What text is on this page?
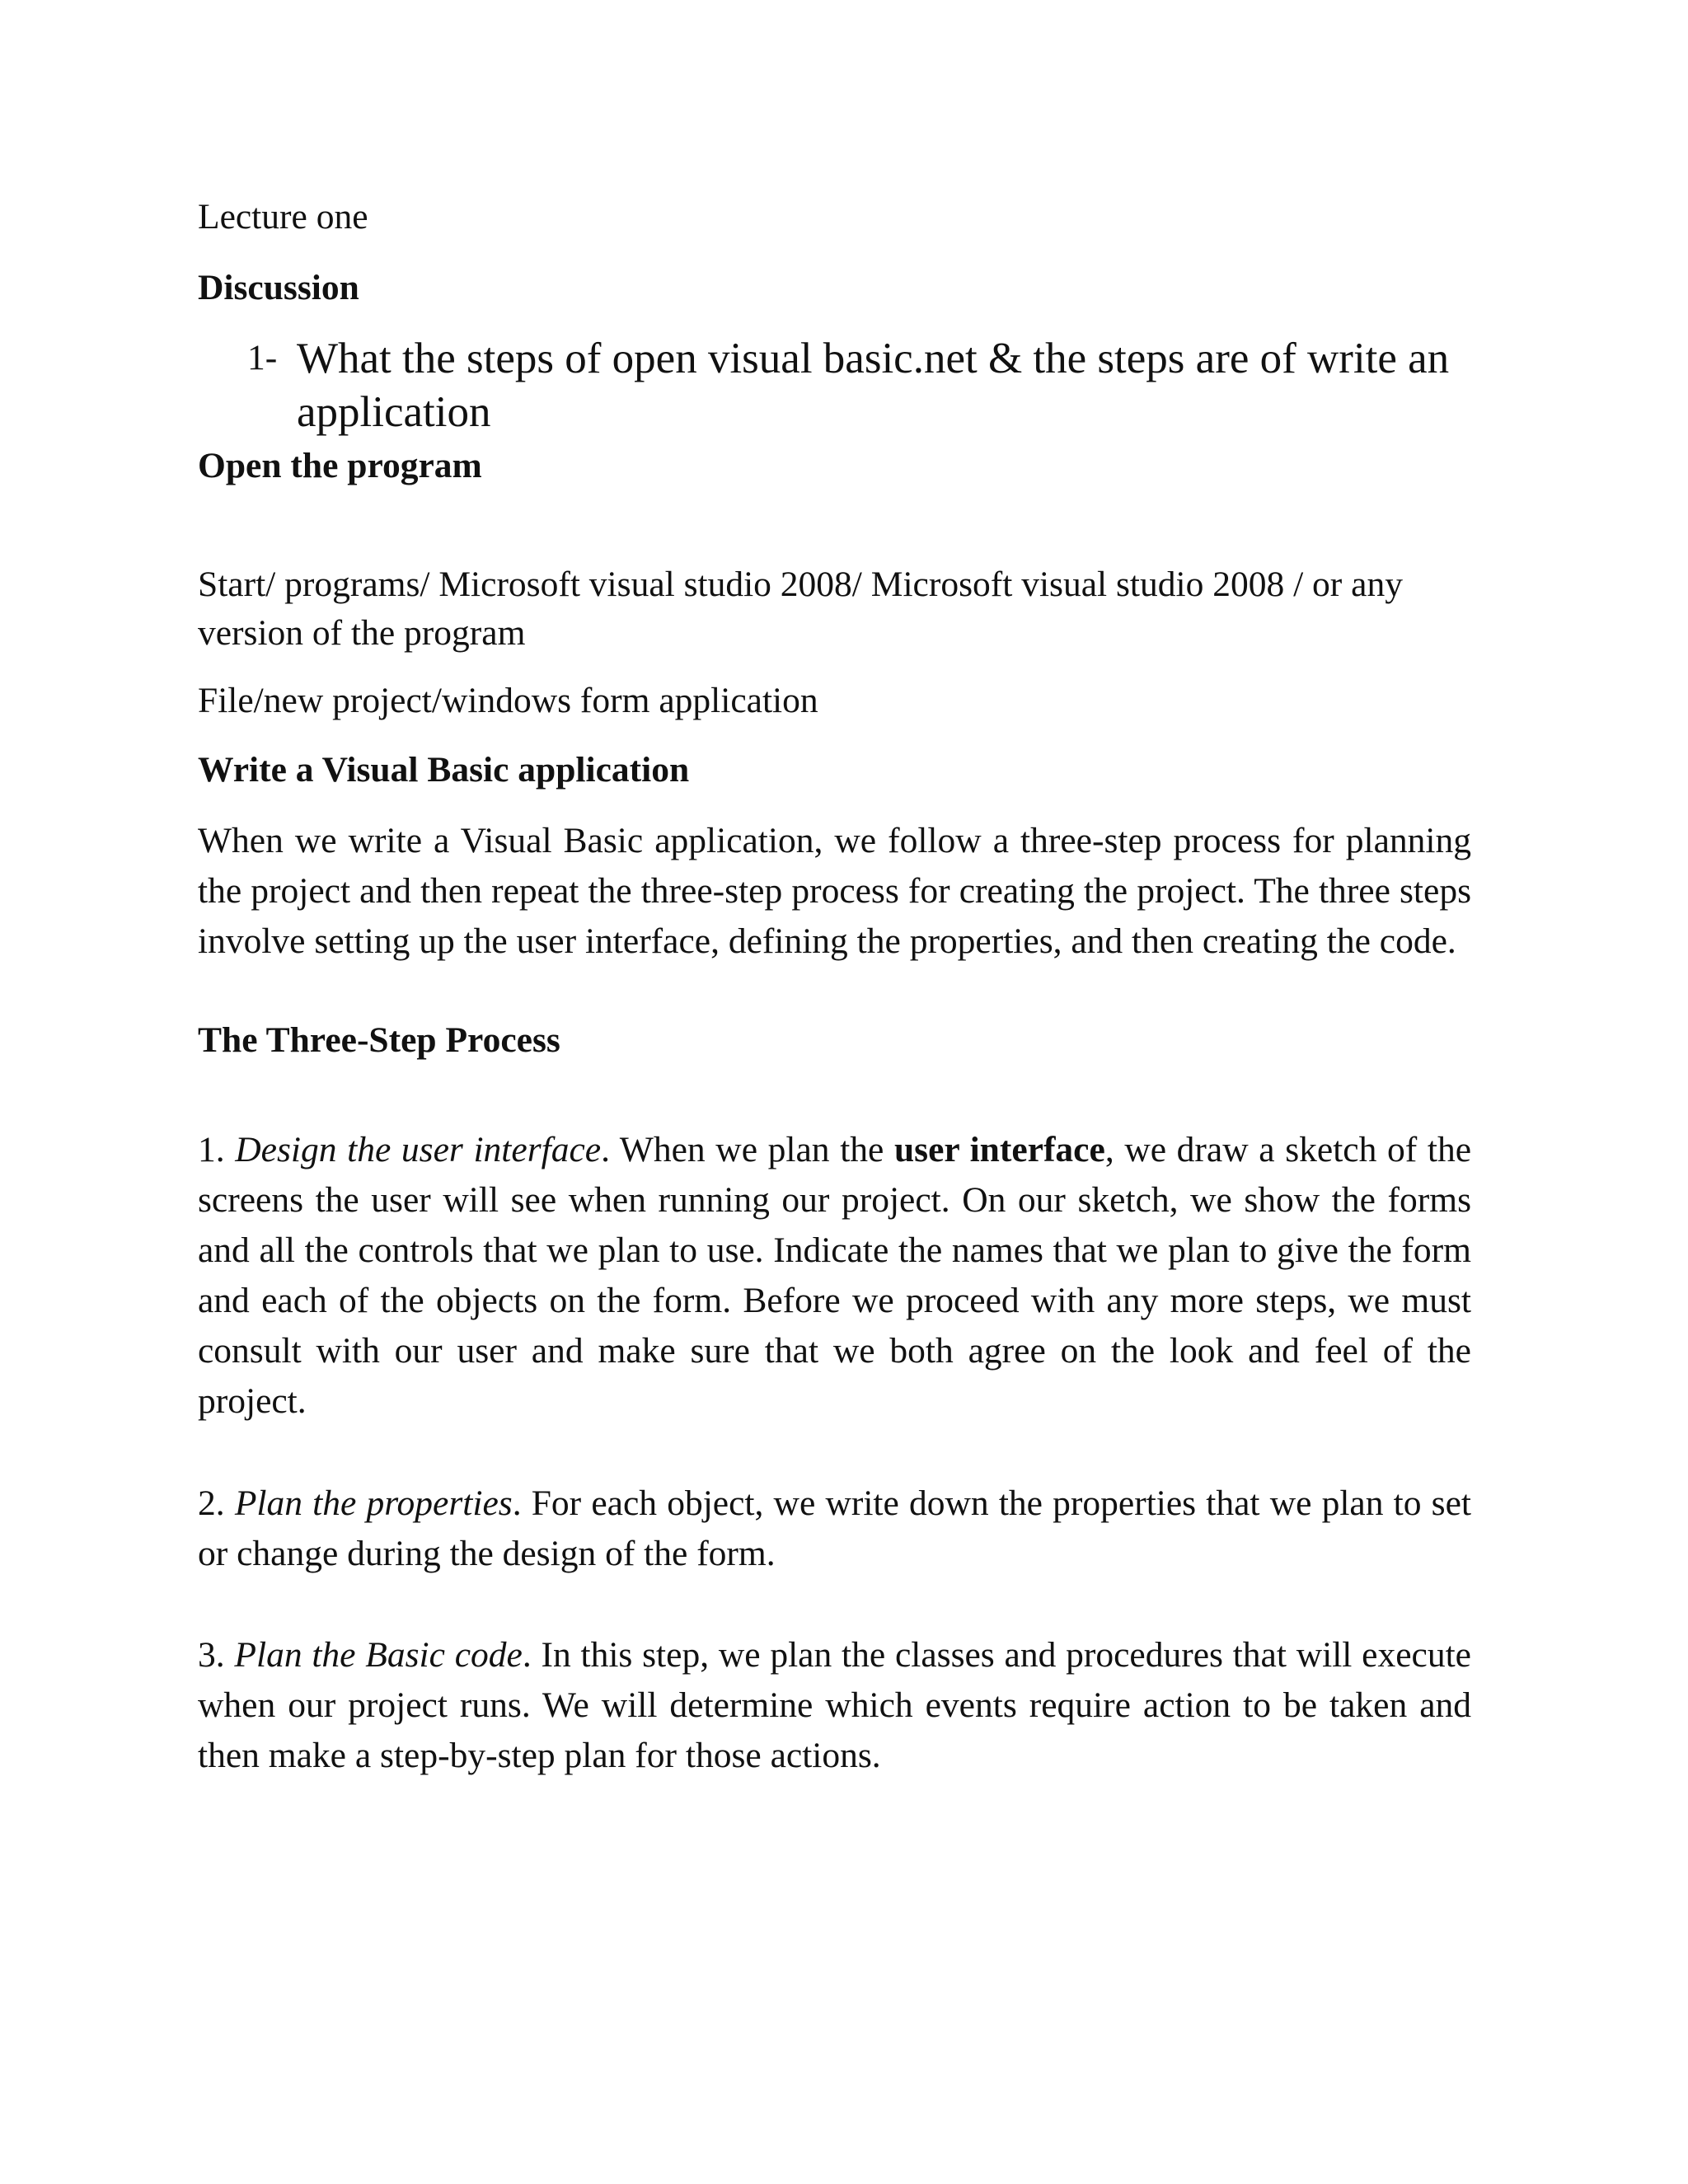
Lecture one
Discussion
1- What the steps of open visual basic.net & the steps are of write an application
Open the program
Start/ programs/ Microsoft visual studio 2008/ Microsoft visual studio 2008 / or any version of the program
File/new project/windows form application
Write a Visual Basic application
When we write a Visual Basic application, we follow a three-step process for planning the project and then repeat the three-step process for creating the project. The three steps involve setting up the user interface, defining the properties, and then creating the code.
The Three-Step Process
1. Design the user interface. When we plan the user interface, we draw a sketch of the screens the user will see when running our project. On our sketch, we show the forms and all the controls that we plan to use. Indicate the names that we plan to give the form and each of the objects on the form. Before we proceed with any more steps, we must consult with our user and make sure that we both agree on the look and feel of the project.
2. Plan the properties. For each object, we write down the properties that we plan to set or change during the design of the form.
3. Plan the Basic code. In this step, we plan the classes and procedures that will execute when our project runs. We will determine which events require action to be taken and then make a step-by-step plan for those actions.
